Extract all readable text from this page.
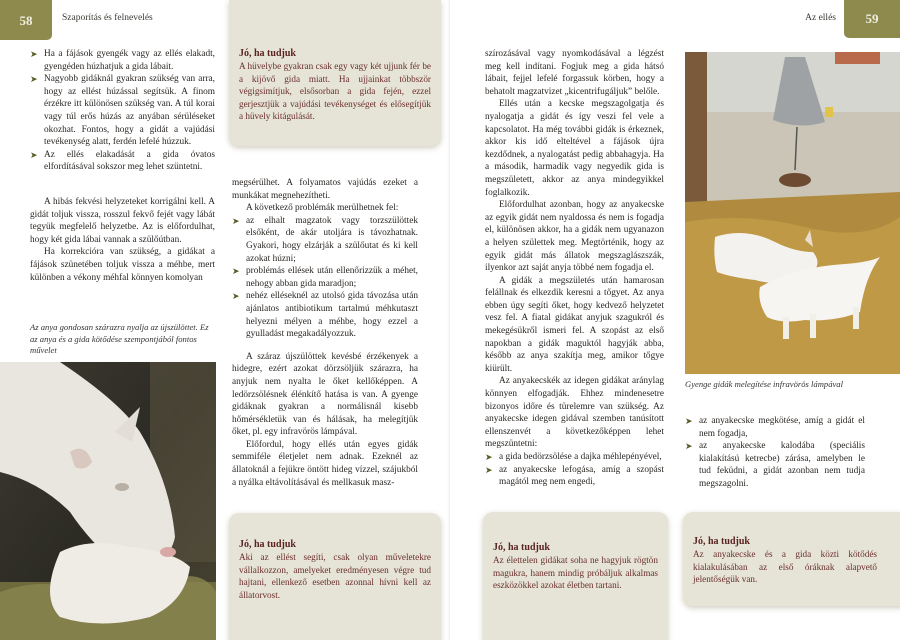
58	Szaporítás és felnevelés
➤ Ha a fájások gyengék vagy az ellés elakadt, gyengéden húzhatjuk a gida lábait.
➤ Nagyobb gidáknál gyakran szükség van arra, hogy az ellést húzással segítsük. A finom érzékre itt különösen szükség van. A túl korai vagy túl erős húzás az anyában sérüléseket okozhat. Fontos, hogy a gidát a vajúdási tevékenység alatt, ferdén lefelé húzzuk.
➤ Az ellés elakadását a gida óvatos elfordításával sokszor meg lehet szüntetni.

A hibás fekvési helyzeteket korrigálni kell. A gidát toljuk vissza, rosszul fekvő fejét vagy lábát tegyük megfelelő helyzetbe. Az is előfordulhat, hogy két gida lábai vannak a szülőútban.

Ha korrekcióra van szükség, a gidákat a fájások szünetében toljuk vissza a méhbe, mert különben a vékony méhfal könnyen komolyan

Az anya gondosan szárazra nyalja az újszülöttet. Ez az anya és a gida kötődése szempontjából fontos művelet
Jó, ha tudjuk
A hüvelybe gyakran csak egy vagy két ujjunk fér be a kijövő gida miatt. Ha ujjainkat többször végigsimítjuk, elsősorban a gida fején, ezzel gerjesztjük a vajúdási tevékenységet és elősegítjük a hüvely kitágulását.

megsérülhet. A folyamatos vajúdás ezeket a munkákat megnehezítheti.

A következő problémák merülhetnek fel:

➤ az elhalt magzatok vagy torzszülöttek elsőként, de akár utoljára is távozhatnak. Gyakori, hogy elzárják a szülőutat és ki kell azokat húzni;
➤ problémás ellések után ellenőrizzük a méhet, nehogy abban gida maradjon;
➤ nehéz elléseknél az utolsó gida távozása után ajánlatos antibiotikum tartalmú méhkutaszt helyezni mélyen a méhbe, hogy ezzel a gyulladást megakadályozzuk.

A száraz újszülöttek kevésbé érzékenyek a hidegre, ezért azokat dörzsöljük szárazra, ha anyjuk nem nyalta le őket kellőképpen. A ledörzsölésnek élénkítő hatása is van. A gyenge gidáknak gyakran a normálisnál kisebb hőmérsékletük van és hálásak, ha melegítjük őket, pl. egy infravörös lámpával.

Előfordul, hogy ellés után egyes gidák semmiféle életjelet nem adnak. Ezeknél az állatoknál a fejükre öntött hideg vízzel, szájukból a nyálka eltávolításával és mellkasuk masz-

Jó, ha tudjuk
Aki az ellést segíti, csak olyan műveletekre vállalkozzon, amelyeket eredményesen végre tud hajtani, ellenkező esetben azonnal hívni kell az állatorvost.
Az ellés	59

szírozásával vagy nyomkodásával a légzést meg kell indítani. Fogjuk meg a gida hátsó lábait, fejjel lefelé forgassuk körben, hogy a behatolt magzatvizet „kicentrifugáljuk” belőle.

Ellés után a kecske megszagolgatja és nyalogatja a gidát és így veszi fel vele a kapcsolatot. Ha még további gidák is érkeznek, akkor kis idő elteltével a fájások újra kezdődnek, a nyalogatást pedig abbahagyja. Ha a második, harmadik vagy negyedik gida is megszületett, akkor az anya mindegyikkel foglalkozik.

Előfordulhat azonban, hogy az anyakecske az egyik gidát nem nyaldossa és nem is fogadja el, különösen akkor, ha a gidák nem ugyanazon a helyen születtek meg. Megtörténik, hogy az egyik gidát más állatok megszaglászszák, ilyenkor azt saját anyja többé nem fogadja el.

A gidák a megszületés után hamarosan felállnak és elkezdik keresni a tőgyet. Az anya ebben úgy segíti őket, hogy kedvező helyzetet vesz fel. A fiatal gidákat anyjuk szagukról és mekegésükről ismeri fel. A szopást az első napokban a gidák maguktól hagyják abba, később az anya szakítja meg, amikor tőgye kiürült.

Az anyakecskék az idegen gidákat aránylag könnyen elfogadják. Ehhez mindenesetre bizonyos időre és türelemre van szükség. Az anyakecske idegen gidával szemben tanúsított ellenszenvét a következőképpen lehet megszüntetni:

➤ a gida bedörzsölése a dajka méhlepényével,
➤ az anyakecske lefogása, amíg a szopást magától meg nem engedi,
Gyenge gidák melegítése infravörös lámpával
➤ az anyakecske megkötése, amíg a gidát el nem fogadja,
➤ az anyakecske kalodába (speciális kialakítású ketrecbe) zárása, amelyben le tud feküdni, a gidát azonban nem tudja megszagolni.
Jó, ha tudjuk
Az élettelen gidákat soha ne hagyjuk rögtön magukra, hanem mindig próbáljuk alkalmas eszközökkel azokat életben tartani.
Jó, ha tudjuk
Az anyakecske és a gida közti kötődés kialakulásában az első óráknak alapvető jelentőségük van.
